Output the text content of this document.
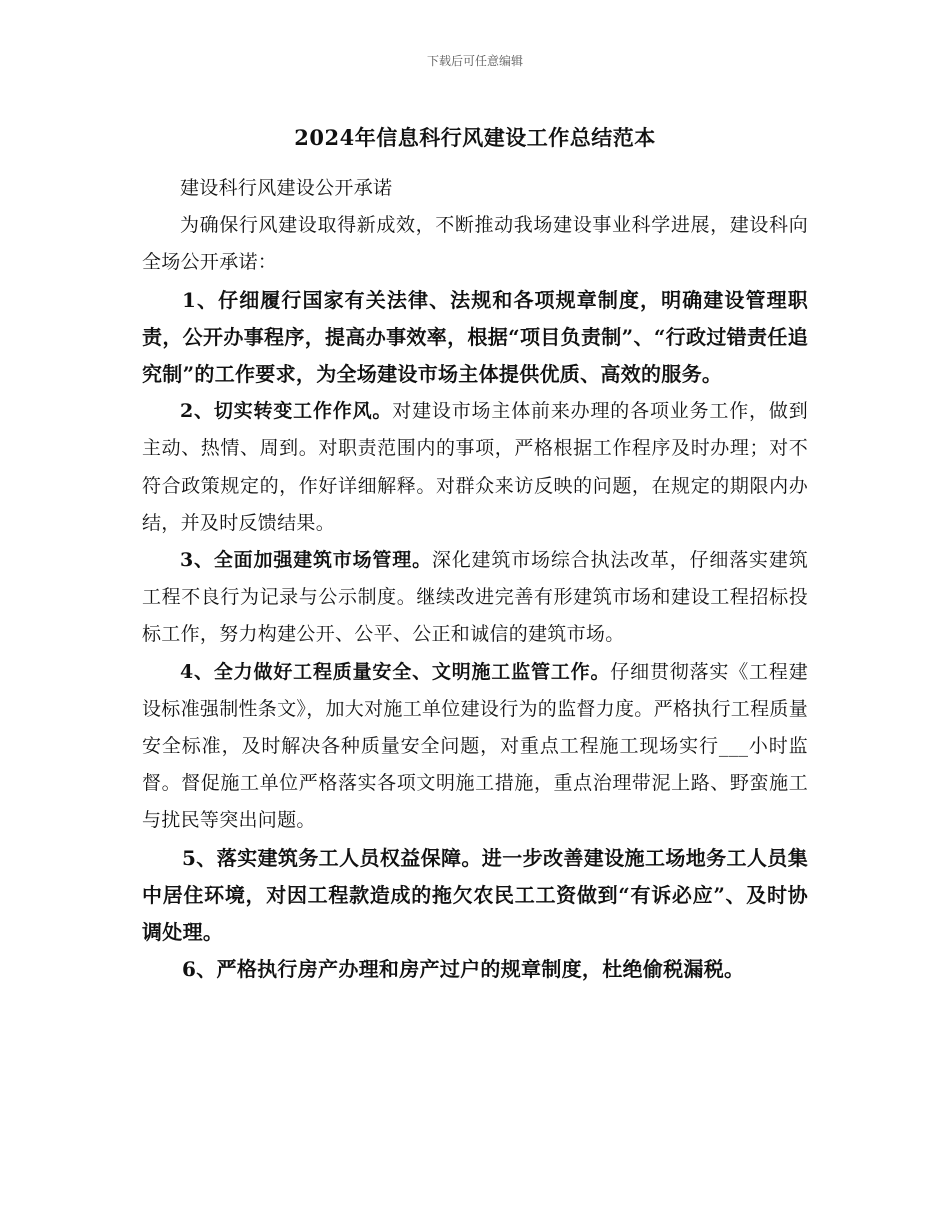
下载后可任意编辑
2024年信息科行风建设工作总结范本

建设科行风建设公开承诺

为确保行风建设取得新成效，不断推动我场建设事业科学进展，建设科向全场公开承诺：

1、仔细履行国家有关法律、法规和各项规章制度，明确建设管理职责，公开办事程序，提高办事效率，根据“项目负责制”、“行政过错责任追究制”的工作要求，为全场建设市场主体提供优质、高效的服务。

2、切实转变工作作风。对建设市场主体前来办理的各项业务工作，做到主动、热情、周到。对职责范围内的事项，严格根据工作程序及时办理；对不符合政策规定的，作好详细解释。对群众来访反映的问题，在规定的期限内办结，并及时反馈结果。

3、全面加强建筑市场管理。深化建筑市场综合执法改革，仔细落实建筑工程不良行为记录与公示制度。继续改进完善有形建筑市场和建设工程招标投标工作，努力构建公开、公平、公正和诚信的建筑市场。

4、全力做好工程质量安全、文明施工监管工作。仔细贯彻落实《工程建设标准强制性条文》，加大对施工单位建设行为的监督力度。严格执行工程质量安全标准，及时解决各种质量安全问题，对重点工程施工现场实行___小时监督。督促施工单位严格落实各项文明施工措施，重点治理带泥上路、野蛮施工与扰民等突出问题。

5、落实建筑务工人员权益保障。进一步改善建设施工场地务工人员集中居住环境，对因工程款造成的拖欠农民工工资做到“有诉必应”、及时协调处理。

6、严格执行房产办理和房产过户的规章制度，杜绝偷税漏税。
